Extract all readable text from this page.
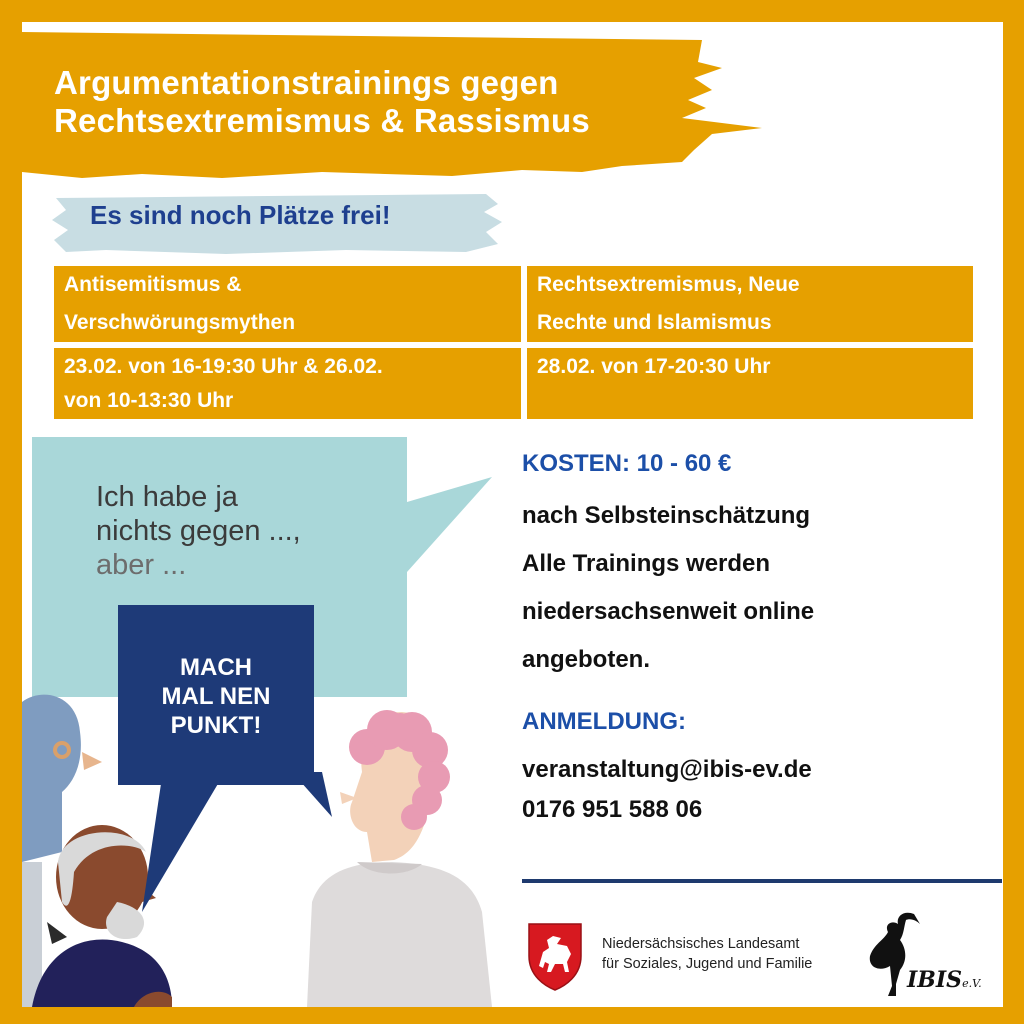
Argumentationstrainings gegen
Rechtsextremismus & Rassismus
Es sind noch Plätze frei!
Antisemitismus &
Verschwörungsmythen
Rechtsextremismus, Neue
Rechte und Islamismus
23.02. von 16-19:30 Uhr & 26.02.
von 10-13:30 Uhr
28.02. von 17-20:30 Uhr
Ich habe ja
nichts gegen ...,
aber ...
MACH
MAL NEN
PUNKT!
KOSTEN: 10 - 60 €
nach Selbsteinschätzung
Alle Trainings werden
niedersachsenweit online
angeboten.
ANMELDUNG:
veranstaltung@ibis-ev.de
0176 951 588 06
Niedersächsisches Landesamt
für Soziales, Jugend und Familie
IBISe.V.
